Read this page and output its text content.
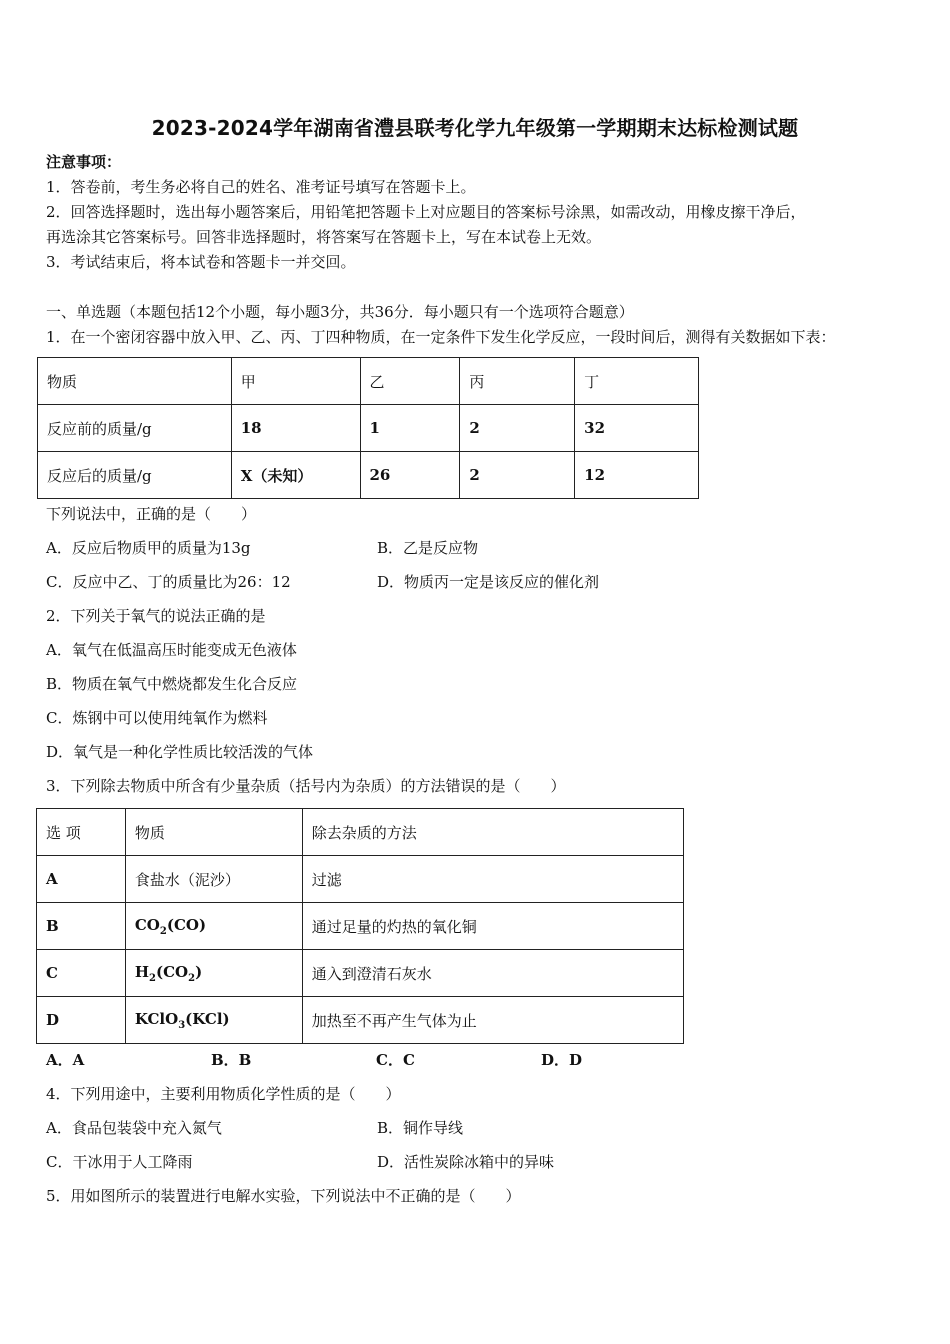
2023-2024学年湖南省澧县联考化学九年级第一学期期末达标检测试题
注意事项：
1．答卷前，考生务必将自己的姓名、准考证号填写在答题卡上。
2．回答选择题时，选出每小题答案后，用铅笔把答题卡上对应题目的答案标号涂黑，如需改动，用橡皮擦干净后，
再选涂其它答案标号。回答非选择题时，将答案写在答题卡上，写在本试卷上无效。
3．考试结束后，将本试卷和答题卡一并交回。
一、单选题（本题包括12个小题，每小题3分，共36分．每小题只有一个选项符合题意）
1．在一个密闭容器中放入甲、乙、丙、丁四种物质，在一定条件下发生化学反应，一段时间后，测得有关数据如下表：
物质	甲	乙	丙	丁
反应前的质量/g	18	1	2	32
反应后的质量/g	X（未知）	26	2	12
下列说法中，正确的是（　　）
A．反应后物质甲的质量为13g	B．乙是反应物
C．反应中乙、丁的质量比为26：12	D．物质丙一定是该反应的催化剂
2．下列关于氧气的说法正确的是
A．氧气在低温高压时能变成无色液体
B．物质在氧气中燃烧都发生化合反应
C．炼钢中可以使用纯氧作为燃料
D．氧气是一种化学性质比较活泼的气体
3．下列除去物质中所含有少量杂质（括号内为杂质）的方法错误的是（　　）
选 项	物质	除去杂质的方法
A	食盐水（泥沙）	过滤
B	$CO_2(CO)$	通过足量的灼热的氧化铜
C	$H_2(CO_2)$	通入到澄清石灰水
D	KClO$_3$(KCl)	加热至不再产生气体为止
A．A	B．B	C．C	D．D
4．下列用途中，主要利用物质化学性质的是（　　）
A．食品包装袋中充入氮气	B．铜作导线
C．干冰用于人工降雨	D．活性炭除冰箱中的异味
5．用如图所示的装置进行电解水实验，下列说法中不正确的是（　　）
